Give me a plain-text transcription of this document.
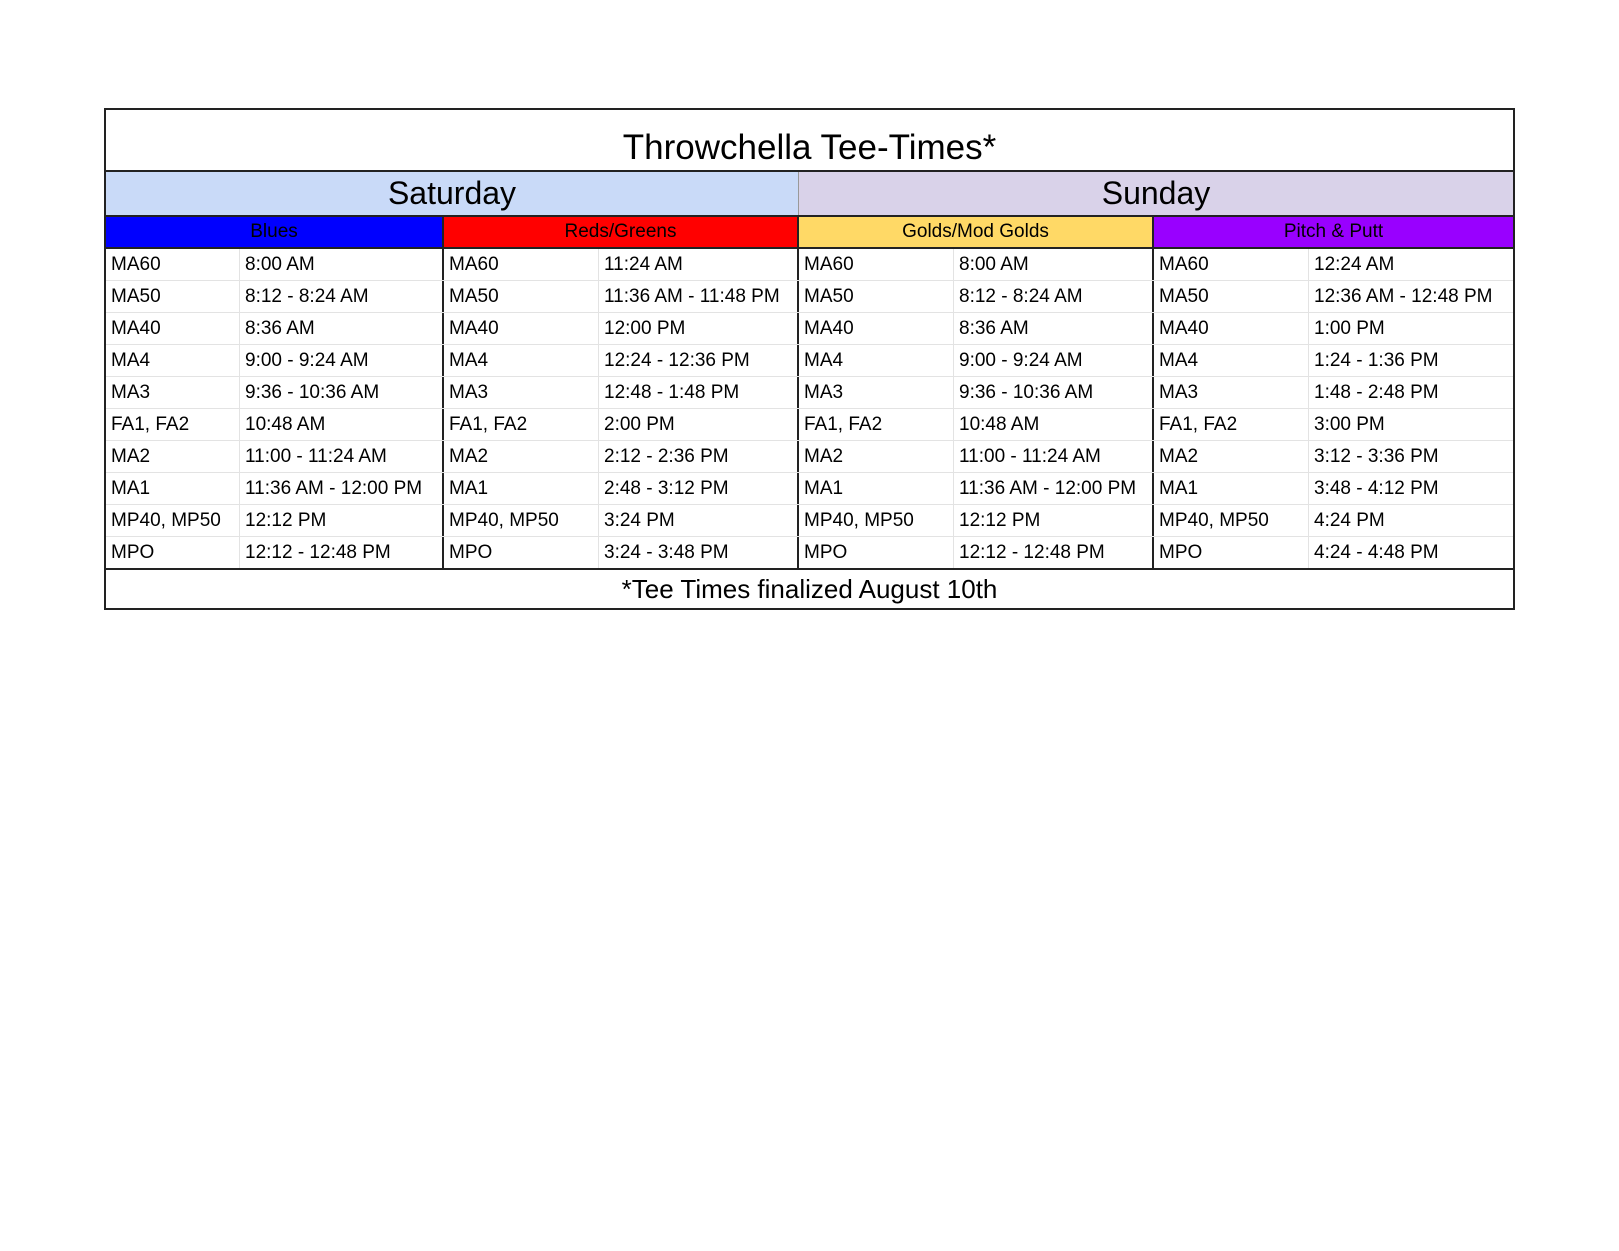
Throwchella Tee-Times*
Saturday	Sunday
Blues	Reds/Greens	Golds/Mod Golds	Pitch & Putt
MA60	8:00 AM	MA60	11:24 AM	MA60	8:00 AM	MA60	12:24 AM
MA50	8:12 - 8:24 AM	MA50	11:36 AM - 11:48 PM	MA50	8:12 - 8:24 AM	MA50	12:36 AM - 12:48 PM
MA40	8:36 AM	MA40	12:00 PM	MA40	8:36 AM	MA40	1:00 PM
MA4	9:00 - 9:24 AM	MA4	12:24 - 12:36 PM	MA4	9:00 - 9:24 AM	MA4	1:24 - 1:36 PM
MA3	9:36 - 10:36 AM	MA3	12:48 - 1:48 PM	MA3	9:36 - 10:36 AM	MA3	1:48 - 2:48 PM
FA1, FA2	10:48 AM	FA1, FA2	2:00 PM	FA1, FA2	10:48 AM	FA1, FA2	3:00 PM
MA2	11:00 - 11:24 AM	MA2	2:12 - 2:36 PM	MA2	11:00 - 11:24 AM	MA2	3:12 - 3:36 PM
MA1	11:36 AM - 12:00 PM	MA1	2:48 - 3:12 PM	MA1	11:36 AM - 12:00 PM	MA1	3:48 - 4:12 PM
MP40, MP50	12:12 PM	MP40, MP50	3:24 PM	MP40, MP50	12:12 PM	MP40, MP50	4:24 PM
MPO	12:12 - 12:48 PM	MPO	3:24 - 3:48 PM	MPO	12:12 - 12:48 PM	MPO	4:24 - 4:48 PM
*Tee Times finalized August 10th
